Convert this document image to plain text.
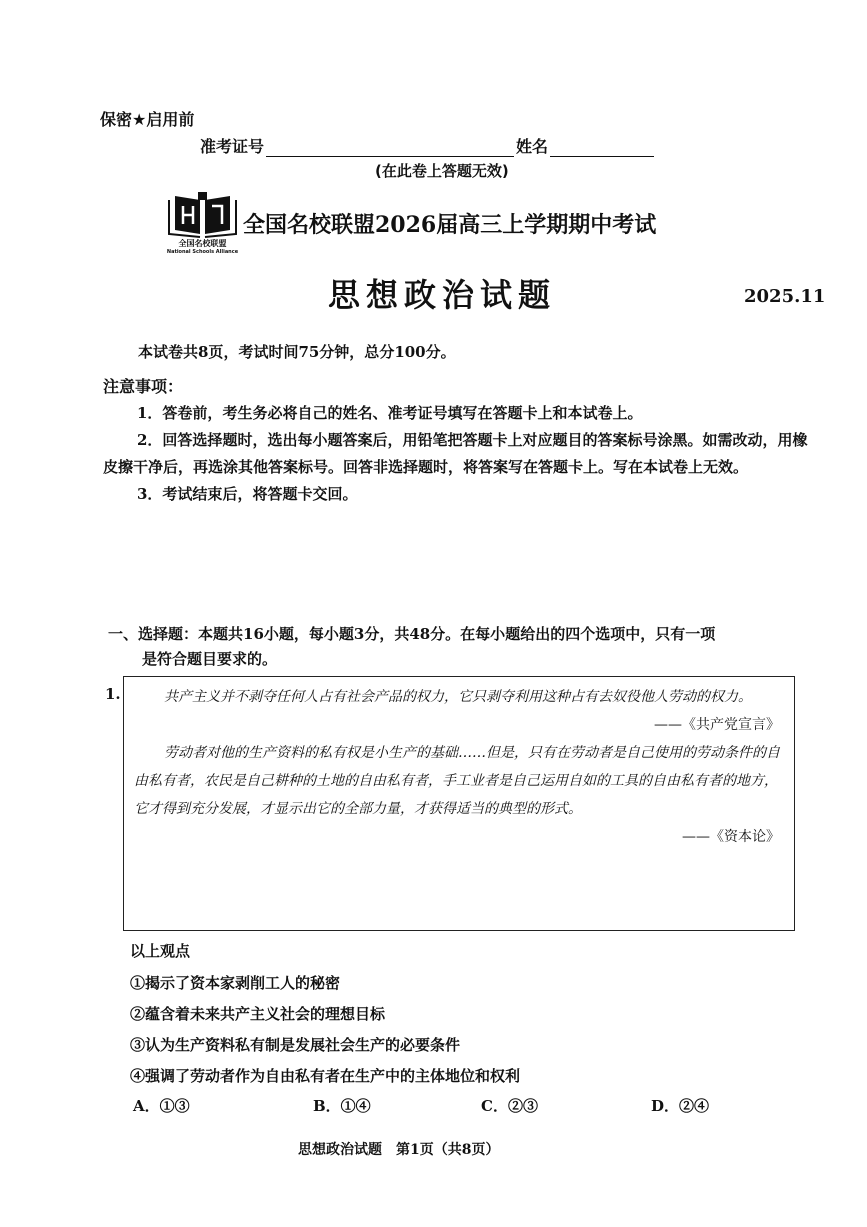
保密★启用前
准考证号	姓名
(在此卷上答题无效)
全国名校联盟
National Schools Alliance
全国名校联盟2026届高三上学期期中考试
思想政治试题	2025.11
本试卷共8页，考试时间75分钟，总分100分。
注意事项：

1．答卷前，考生务必将自己的姓名、准考证号填写在答题卡上和本试卷上。

2．回答选择题时，选出每小题答案后，用铅笔把答题卡上对应题目的答案标号涂黑。如需改动，用橡皮擦干净后，再选涂其他答案标号。回答非选择题时，将答案写在答题卡上。写在本试卷上无效。

3．考试结束后，将答题卡交回。

一、选择题：本题共16小题，每小题3分，共48分。在每小题给出的四个选项中，只有一项
是符合题目要求的。
1.	共产主义并不剥夺任何人占有社会产品的权力，它只剥夺利用这种占有去奴役他人劳动的权力。

——《共产党宣言》

劳动者对他的生产资料的私有权是小生产的基础……但是，只有在劳动者是自己使用的劳动条件的自由私有者，农民是自己耕种的土地的自由私有者，手工业者是自己运用自如的工具的自由私有者的地方，它才得到充分发展，才显示出它的全部力量，才获得适当的典型的形式。

——《资本论》

以上观点
①揭示了资本家剥削工人的秘密
②蕴含着未来共产主义社会的理想目标
③认为生产资料私有制是发展社会生产的必要条件
④强调了劳动者作为自由私有者在生产中的主体地位和权利
A．①③	B．①④	C．②③	D．②④
思想政治试题　第1页（共8页）
